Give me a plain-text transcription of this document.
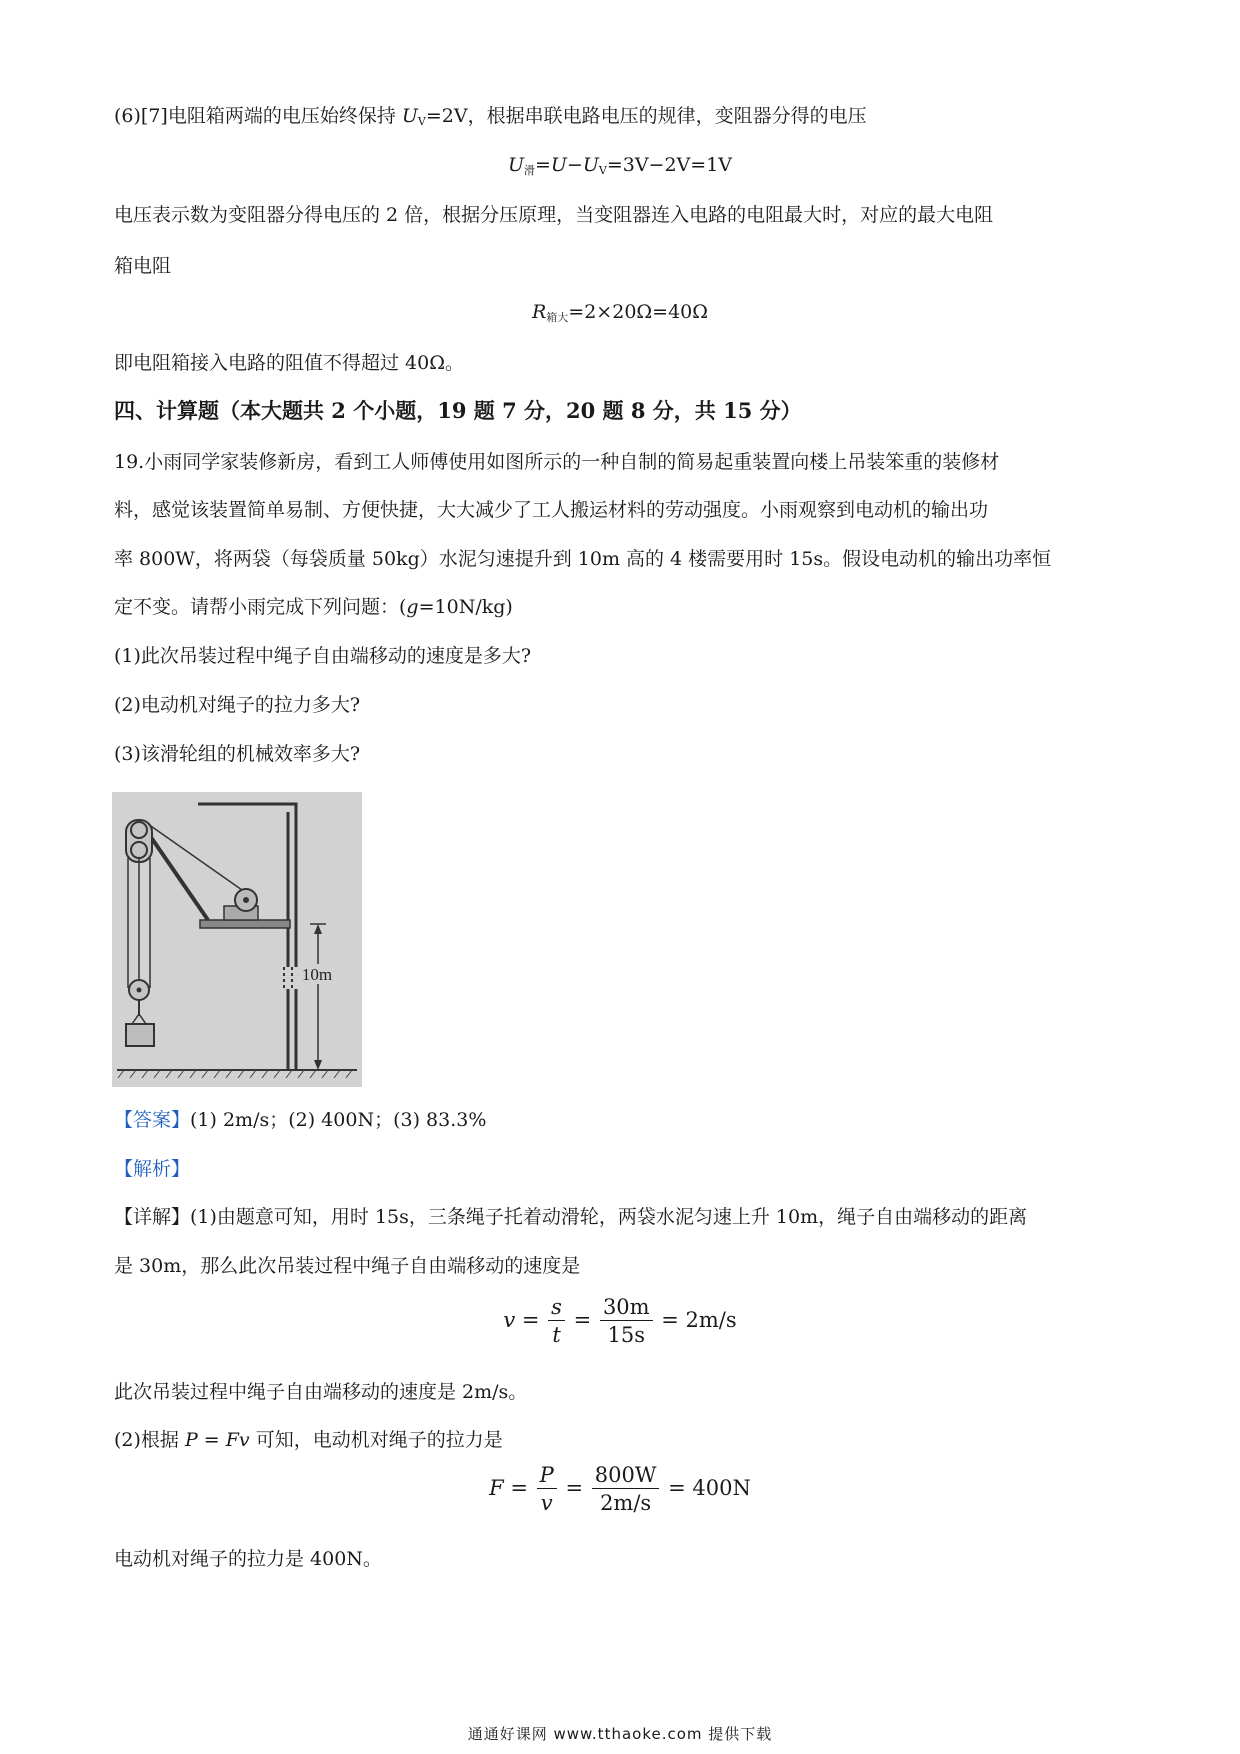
(6)[7]电阻箱两端的电压始终保持 $U_V=2V$，根据串联电路电压的规律，变阻器分得的电压
$U_滑=U-U_V=3V-2V=1V$
电压表示数为变阻器分得电压的 2 倍，根据分压原理，当变阻器连入电路的电阻最大时，对应的最大电阻
箱电阻
$R_{箱大}=2\times 20\Omega=40\Omega$
即电阻箱接入电路的阻值不得超过 40Ω。
四、计算题（本大题共 2 个小题，19 题 7 分，20 题 8 分，共 15 分）
19.小雨同学家装修新房，看到工人师傅使用如图所示的一种自制的简易起重装置向楼上吊装笨重的装修材
料，感觉该装置简单易制、方便快捷，大大减少了工人搬运材料的劳动强度。小雨观察到电动机的输出功
率 800W，将两袋（每袋质量 50kg）水泥匀速提升到 10m 高的 4 楼需要用时 15s。假设电动机的输出功率恒
定不变。请帮小雨完成下列问题：(g=10N/kg)
(1)此次吊装过程中绳子自由端移动的速度是多大?
(2)电动机对绳子的拉力多大?
(3)该滑轮组的机械效率多大?
10m
【答案】(1) 2m/s；(2) 400N；(3) 83.3%
【解析】
【详解】(1)由题意可知，用时 15s，三条绳子托着动滑轮，两袋水泥匀速上升 10m，绳子自由端移动的距离
是 30m，那么此次吊装过程中绳子自由端移动的速度是
$v = \frac{s}{t} = \frac{30m}{15s} = 2m/s$
此次吊装过程中绳子自由端移动的速度是 2m/s。
(2)根据 P = Fv 可知，电动机对绳子的拉力是
$F = \frac{P}{v} = \frac{800W}{2m/s} = 400N$
电动机对绳子的拉力是 400N。
通通好课网 www.tthaoke.com 提供下载
